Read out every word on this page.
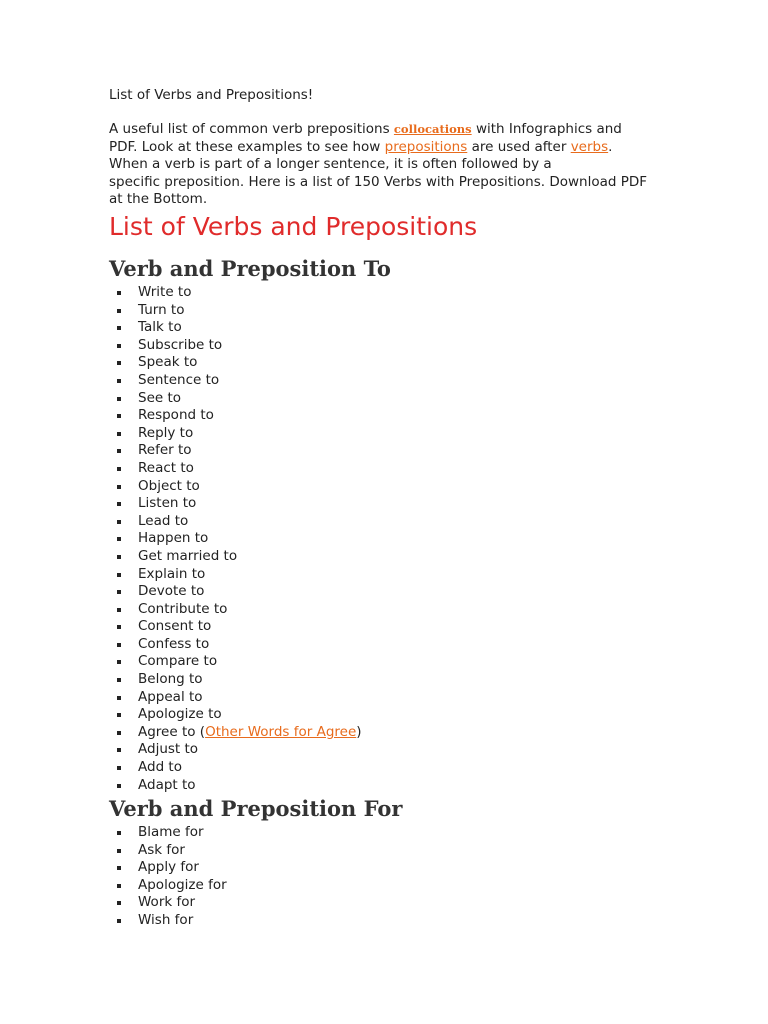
List of Verbs and Prepositions!

A useful list of common verb prepositions collocations with Infographics and
PDF. Look at these examples to see how prepositions are used after verbs.
When a verb is part of a longer sentence, it is often followed by a
specific preposition. Here is a list of 150 Verbs with Prepositions. Download PDF
at the Bottom.

List of Verbs and Prepositions
Verb and Preposition To
Write to
Turn to
Talk to
Subscribe to
Speak to
Sentence to
See to
Respond to
Reply to
Refer to
React to
Object to
Listen to
Lead to
Happen to
Get married to
Explain to
Devote to
Contribute to
Consent to
Confess to
Compare to
Belong to
Appeal to
Apologize to
Agree to (Other Words for Agree)
Adjust to
Add to
Adapt to
Verb and Preposition For
Blame for
Ask for
Apply for
Apologize for
Work for
Wish for
